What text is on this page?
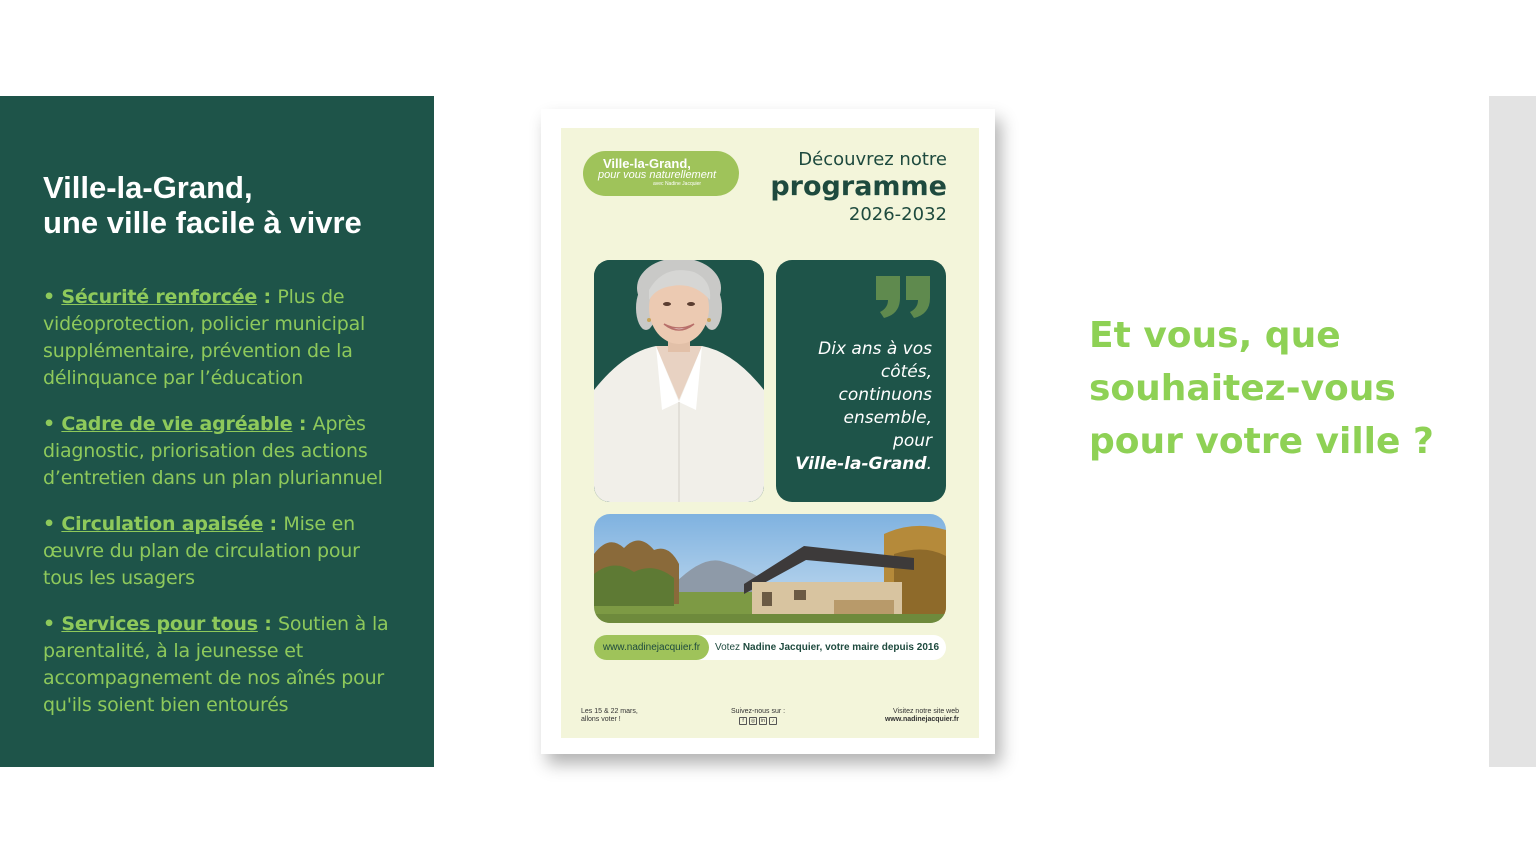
Ville-la-Grand,
une ville facile à vivre

• Sécurité renforcée : Plus de vidéoprotection, policier municipal supplémentaire, prévention de la délinquance par l’éducation

• Cadre de vie agréable : Après diagnostic, priorisation des actions d’entretien dans un plan pluriannuel

• Circulation apaisée : Mise en œuvre du plan de circulation pour tous les usagers

• Services pour tous : Soutien à la parentalité, à la jeunesse et accompagnement de nos aînés pour qu'ils soient bien entourés

Ville-la-Grand,
pour vous naturellement
avec Nadine Jacquier
Découvrez notre
programme
2026-2032
Dix ans à vos
côtés,
continuons
ensemble,
pour
Ville-la-Grand.
www.nadinejacquier.fr	Votez Nadine Jacquier, votre maire depuis 2016
Les 15 & 22 mars,
allons voter !
Suivez-nous sur :
f ◎ in ♪
Visitez notre site web
www.nadinejacquier.fr
Et vous, que
souhaitez-vous
pour votre ville ?
